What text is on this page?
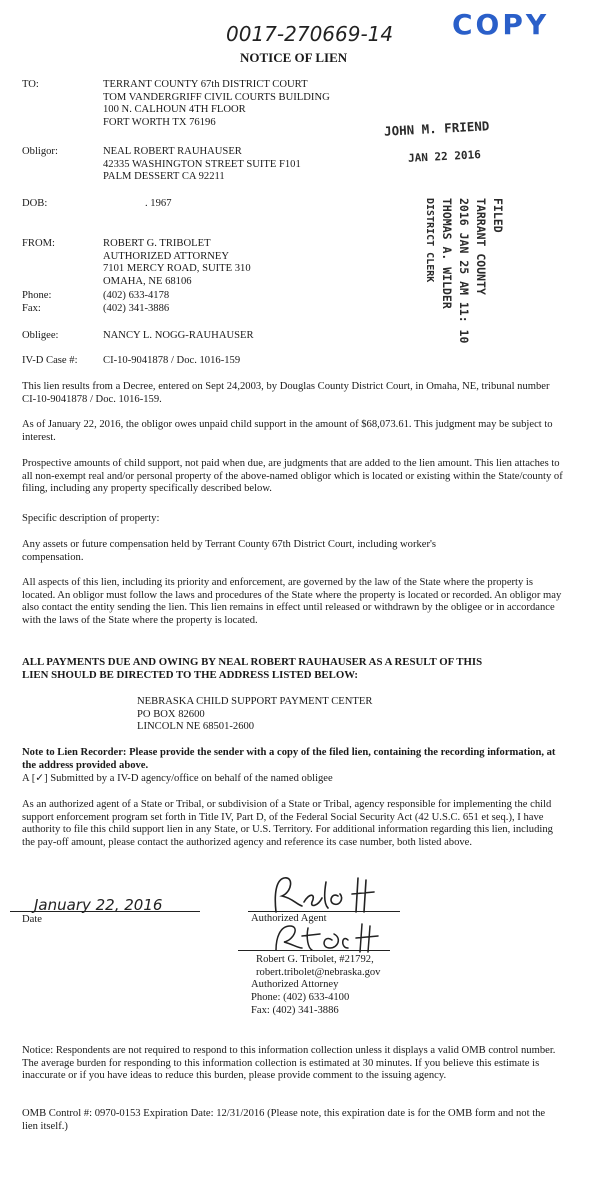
0017-270669-14 COPY
NOTICE OF LIEN
TO:	TERRANT COUNTY 67th DISTRICT COURT
TOM VANDERGRIFF CIVIL COURTS BUILDING
100 N. CALHOUN 4TH FLOOR
FORT WORTH TX 76196	JOHN M. FRIEND
JAN 22 2016
Obligor:	NEAL ROBERT RAUHAUSER
42335 WASHINGTON STREET SUITE F101
PALM DESSERT CA 92211
DOB:	. 1967
FROM:	ROBERT G. TRIBOLET
AUTHORIZED ATTORNEY
7101 MERCY ROAD, SUITE 310
OMAHA, NE 68106
Phone:	(402) 633-4178
Fax:	(402) 341-3886
FILED
TARRANT COUNTY
2016 JAN 25 AM 11: 10
THOMAS A. WILDER
DISTRICT CLERK
Obligee:	NANCY L. NOGG-RAUHAUSER
IV-D Case #: CI-10-9041878 / Doc. 1016-159

This lien results from a Decree, entered on Sept 24,2003, by Douglas County District Court, in Omaha, NE, tribunal number CI-10-9041878 / Doc. 1016-159.

As of January 22, 2016, the obligor owes unpaid child support in the amount of $68,073.61. This judgment may be subject to interest.

Prospective amounts of child support, not paid when due, are judgments that are added to the lien amount. This lien attaches to all non-exempt real and/or personal property of the above-named obligor which is located or existing within the State/county of filing, including any property specifically described below.

Specific description of property:

Any assets or future compensation held by Terrant County 67th District Court, including worker's compensation.

All aspects of this lien, including its priority and enforcement, are governed by the law of the State where the property is located. An obligor must follow the laws and procedures of the State where the property is located or recorded. An obligor may also contact the entity sending the lien. This lien remains in effect until released or withdrawn by the obligee or in accordance with the laws of the State where the property is located.

ALL PAYMENTS DUE AND OWING BY NEAL ROBERT RAUHAUSER AS A RESULT OF THIS
LIEN SHOULD BE DIRECTED TO THE ADDRESS LISTED BELOW:
NEBRASKA CHILD SUPPORT PAYMENT CENTER
PO BOX 82600
LINCOLN NE 68501-2600

Note to Lien Recorder: Please provide the sender with a copy of the filed lien, containing the recording information, at the address provided above.

A [✓] Submitted by a IV-D agency/office on behalf of the named obligee

As an authorized agent of a State or Tribal, or subdivision of a State or Tribal, agency responsible for implementing the child support enforcement program set forth in Title IV, Part D, of the Federal Social Security Act (42 U.S.C. 651 et seq.), I have authority to file this child support lien in any State, or U.S. Territory. For additional information regarding this lien, including the pay-off amount, please contact the authorized agency and reference its case number, both listed above.

January 22, 2016
Date	Authorized Agent
Robert G. Tribolet, #21792,
robert.tribolet@nebraska.gov
Authorized Attorney
Phone: (402) 633-4100
Fax: (402) 341-3886

Notice: Respondents are not required to respond to this information collection unless it displays a valid OMB control number. The average burden for responding to this information collection is estimated at 30 minutes. If you believe this estimate is inaccurate or if you have ideas to reduce this burden, please provide comment to the issuing agency.

OMB Control #: 0970-0153 Expiration Date: 12/31/2016 (Please note, this expiration date is for the OMB form and not the lien itself.)
